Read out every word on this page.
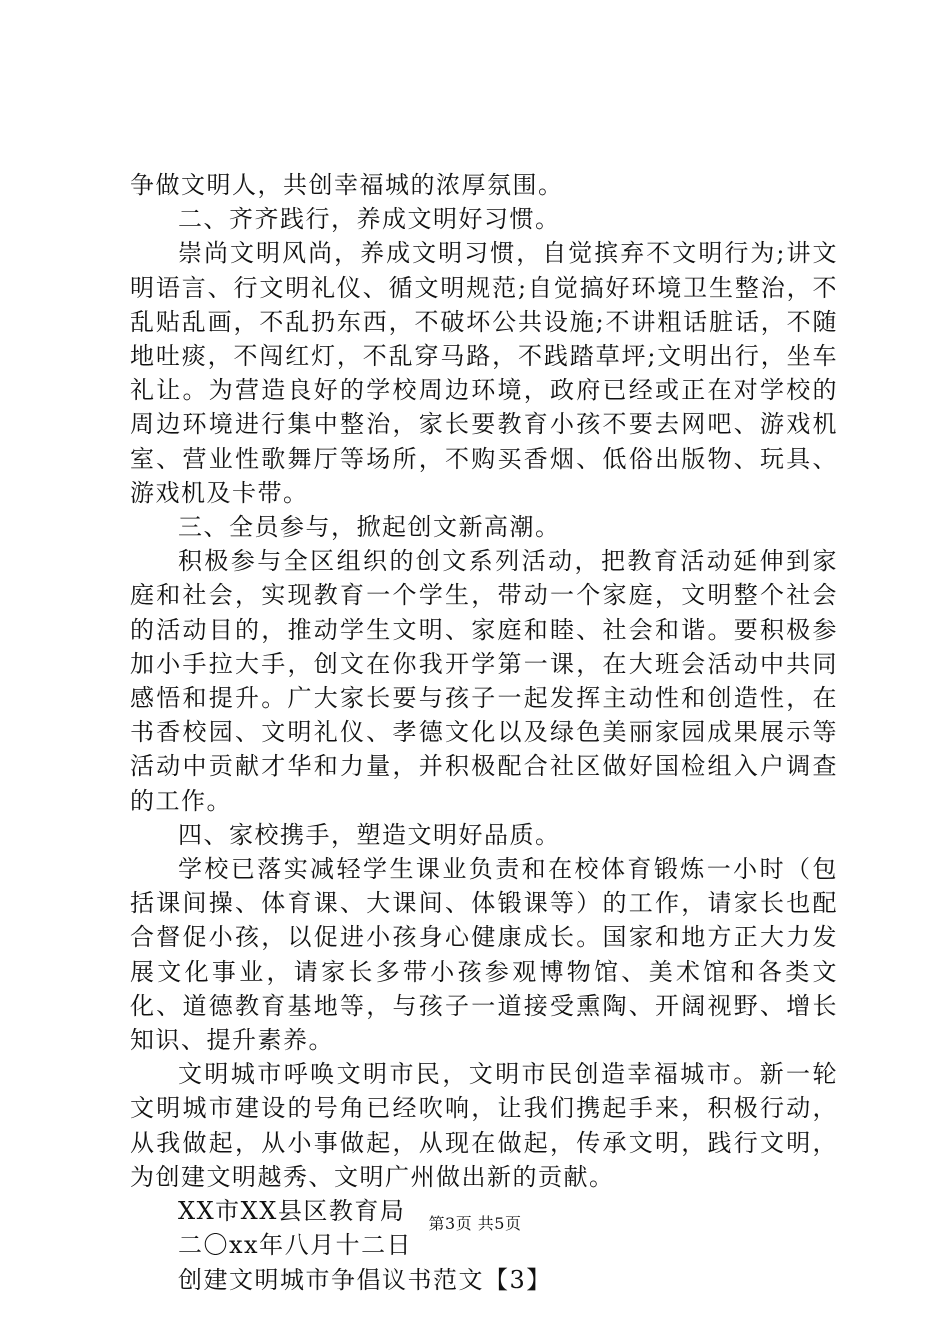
争做文明人，共创幸福城的浓厚氛围。

二、齐齐践行，养成文明好习惯。

崇尚文明风尚，养成文明习惯，自觉摈弃不文明行为;讲文明语言、行文明礼仪、循文明规范;自觉搞好环境卫生整治，不乱贴乱画，不乱扔东西，不破坏公共设施;不讲粗话脏话，不随地吐痰，不闯红灯，不乱穿马路，不践踏草坪;文明出行，坐车礼让。为营造良好的学校周边环境，政府已经或正在对学校的周边环境进行集中整治，家长要教育小孩不要去网吧、游戏机室、营业性歌舞厅等场所，不购买香烟、低俗出版物、玩具、游戏机及卡带。

三、全员参与，掀起创文新高潮。

积极参与全区组织的创文系列活动，把教育活动延伸到家庭和社会，实现教育一个学生，带动一个家庭，文明整个社会的活动目的，推动学生文明、家庭和睦、社会和谐。要积极参加小手拉大手，创文在你我开学第一课，在大班会活动中共同感悟和提升。广大家长要与孩子一起发挥主动性和创造性，在书香校园、文明礼仪、孝德文化以及绿色美丽家园成果展示等活动中贡献才华和力量，并积极配合社区做好国检组入户调查的工作。

四、家校携手，塑造文明好品质。

学校已落实减轻学生课业负责和在校体育锻炼一小时（包括课间操、体育课、大课间、体锻课等）的工作，请家长也配合督促小孩，以促进小孩身心健康成长。国家和地方正大力发展文化事业，请家长多带小孩参观博物馆、美术馆和各类文化、道德教育基地等，与孩子一道接受熏陶、开阔视野、增长知识、提升素养。

文明城市呼唤文明市民，文明市民创造幸福城市。新一轮文明城市建设的号角已经吹响，让我们携起手来，积极行动，从我做起，从小事做起，从现在做起，传承文明，践行文明，为创建文明越秀、文明广州做出新的贡献。

XX市XX县区教育局

二〇xx年八月十二日

创建文明城市争倡议书范文【3】

第3页 共5页
